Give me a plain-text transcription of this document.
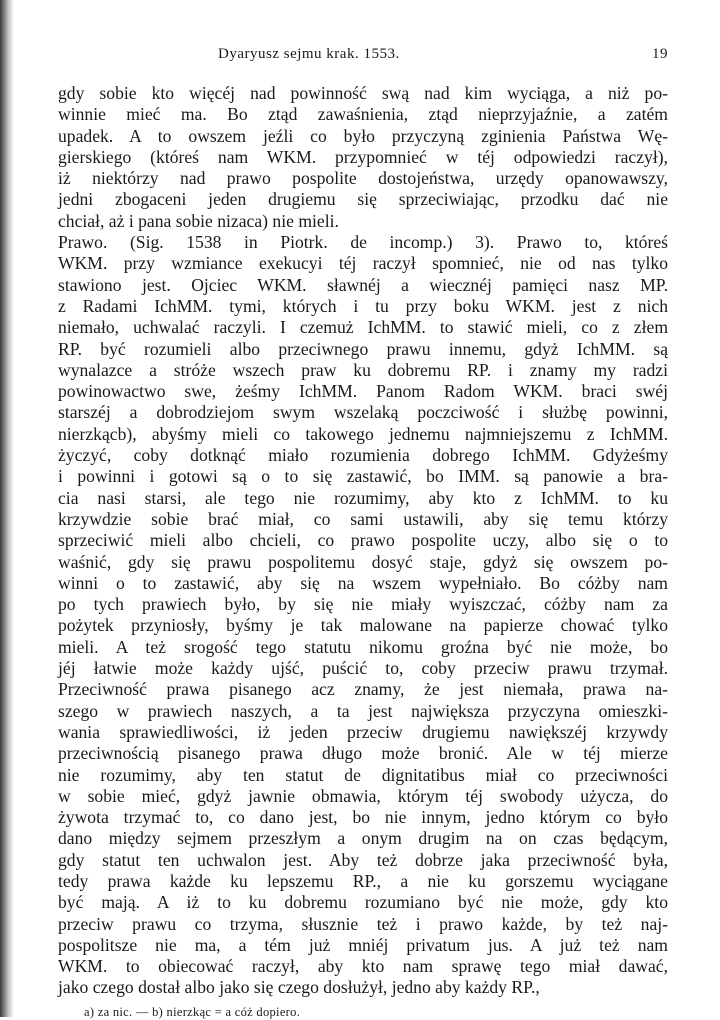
Dyaryusz sejmu krak. 1553.	19
gdy sobie kto więcéj nad powinność swą nad kim wyciąga, a niż po-
winnie mieć ma. Bo ztąd zawaśnienia, ztąd nieprzyjaźnie, a zatém
upadek. A to owszem jeźli co było przyczyną zginienia Państwa Wę-
gierskiego (któreś nam WKM. przypomnieć w téj odpowiedzi raczył),
iż niektórzy nad prawo pospolite dostojeństwa, urzędy opanowawszy,
jedni zbogaceni jeden drugiemu się sprzeciwiając, przodku dać nie
chciał, aż i pana sobie nizaca) nie mieli.
Prawo. (Sig. 1538 in Piotrk. de incomp.) 3). Prawo to, któreś
WKM. przy wzmiance exekucyi téj raczył spomnieć, nie od nas tylko
stawiono jest. Ojciec WKM. sławnéj a wiecznéj pamięci nasz MP.
z Radami IchMM. tymi, których i tu przy boku WKM. jest z nich
niemało, uchwalać raczyli. I czemuż IchMM. to stawić mieli, co z złem
RP. być rozumieli albo przeciwnego prawu innemu, gdyż IchMM. są
wynalazce a stróże wszech praw ku dobremu RP. i znamy my radzi
powinowactwo swe, żeśmy IchMM. Panom Radom WKM. braci swéj
starszéj a dobrodziejom swym wszelaką poczciwość i służbę powinni,
nierzkącb), abyśmy mieli co takowego jednemu najmniejszemu z IchMM.
życzyć, coby dotknąć miało rozumienia dobrego IchMM. Gdyżeśmy
i powinni i gotowi są o to się zastawić, bo IMM. są panowie a bra-
cia nasi starsi, ale tego nie rozumimy, aby kto z IchMM. to ku
krzywdzie sobie brać miał, co sami ustawili, aby się temu którzy
sprzeciwić mieli albo chcieli, co prawo pospolite uczy, albo się o to
waśnić, gdy się prawu pospolitemu dosyć staje, gdyż się owszem po-
winni o to zastawić, aby się na wszem wypełniało. Bo cóżby nam
po tych prawiech było, by się nie miały wyiszczać, cóżby nam za
pożytek przyniosły, byśmy je tak malowane na papierze chować tylko
mieli. A też srogość tego statutu nikomu groźna być nie może, bo
jéj łatwie może każdy ujść, puścić to, coby przeciw prawu trzymał.
Przeciwność prawa pisanego acz znamy, że jest niemała, prawa na-
szego w prawiech naszych, a ta jest największa przyczyna omieszki-
wania sprawiedliwości, iż jeden przeciw drugiemu nawiększéj krzywdy
przeciwnością pisanego prawa długo może bronić. Ale w téj mierze
nie rozumimy, aby ten statut de dignitatibus miał co przeciwności
w sobie mieć, gdyż jawnie obmawia, którym téj swobody użycza, do
żywota trzymać to, co dano jest, bo nie innym, jedno którym co było
dano między sejmem przeszłym a onym drugim na on czas będącym,
gdy statut ten uchwalon jest. Aby też dobrze jaka przeciwność była,
tedy prawa każde ku lepszemu RP., a nie ku gorszemu wyciągane
być mają. A iż to ku dobremu rozumiano być nie może, gdy kto
przeciw prawu co trzyma, słusznie też i prawo każde, by też naj-
pospolitsze nie ma, a tém już mniéj privatum jus. A już też nam
WKM. to obiecować raczył, aby kto nam sprawę tego miał dawać,
jako czego dostał albo jako się czego dosłużył, jedno aby każdy RP.,
a) za nic. — b) nierzkąc = a cóż dopiero.
